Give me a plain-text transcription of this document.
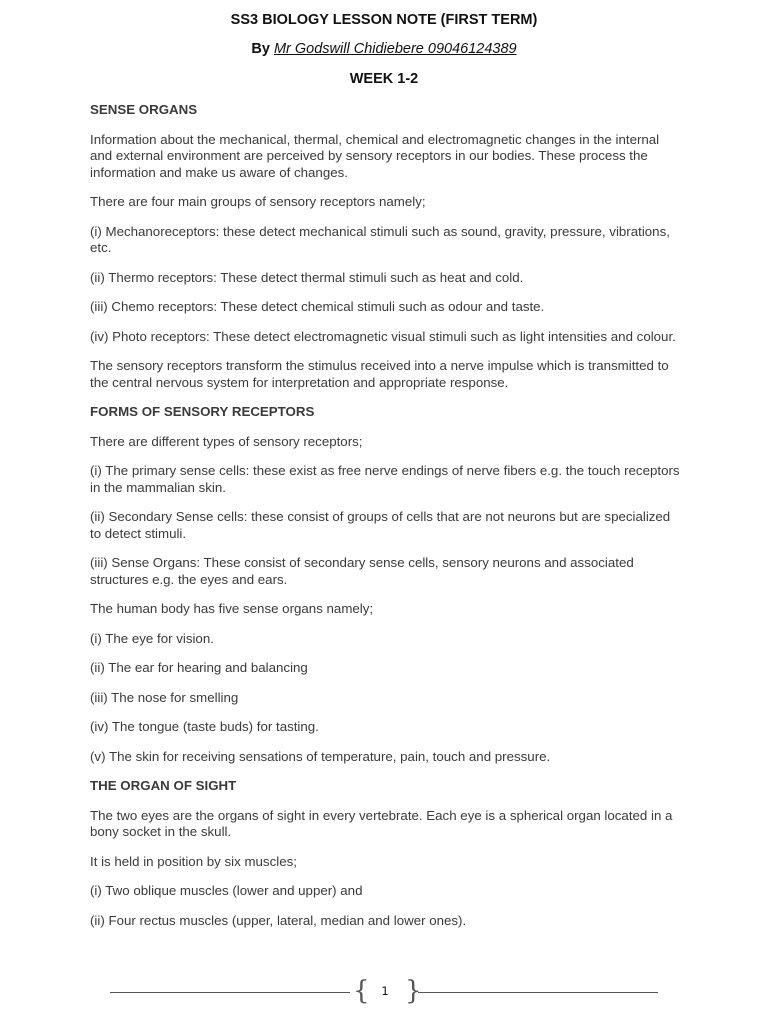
SS3 BIOLOGY LESSON NOTE (FIRST TERM)
By Mr Godswill Chidiebere 09046124389
WEEK 1-2

SENSE ORGANS

Information about the mechanical, thermal, chemical and electromagnetic changes in the internal and external environment are perceived by sensory receptors in our bodies. These process the information and make us aware of changes.

There are four main groups of sensory receptors namely;

(i) Mechanoreceptors: these detect mechanical stimuli such as sound, gravity, pressure, vibrations, etc.

(ii) Thermo receptors: These detect thermal stimuli such as heat and cold.

(iii) Chemo receptors: These detect chemical stimuli such as odour and taste.

(iv) Photo receptors: These detect electromagnetic visual stimuli such as light intensities and colour.

The sensory receptors transform the stimulus received into a nerve impulse which is transmitted to the central nervous system for interpretation and appropriate response.

FORMS OF SENSORY RECEPTORS

There are different types of sensory receptors;

(i) The primary sense cells: these exist as free nerve endings of nerve fibers e.g. the touch receptors in the mammalian skin.

(ii) Secondary Sense cells: these consist of groups of cells that are not neurons but are specialized to detect stimuli.

(iii) Sense Organs: These consist of secondary sense cells, sensory neurons and associated structures e.g. the eyes and ears.

The human body has five sense organs namely;

(i) The eye for vision.

(ii) The ear for hearing and balancing

(iii) The nose for smelling

(iv) The tongue (taste buds) for tasting.

(v) The skin for receiving sensations of temperature, pain, touch and pressure.

THE ORGAN OF SIGHT

The two eyes are the organs of sight in every vertebrate. Each eye is a spherical organ located in a bony socket in the skull.

It is held in position by six muscles;

(i) Two oblique muscles (lower and upper) and

(ii) Four rectus muscles (upper, lateral, median and lower ones).

{	1 }
